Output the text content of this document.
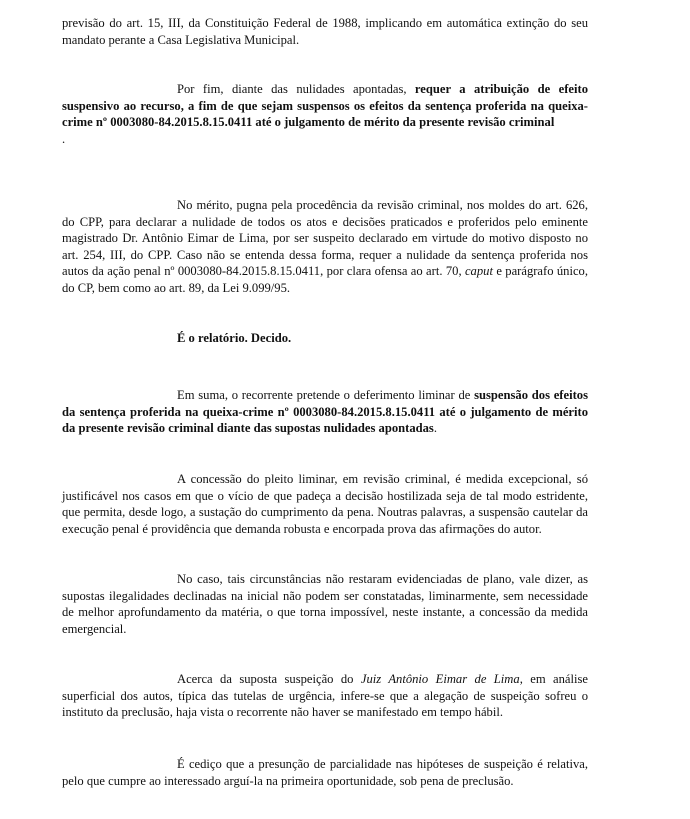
previsão do art. 15, III, da Constituição Federal de 1988, implicando em automática extinção do seu mandato perante a Casa Legislativa Municipal.

Por fim, diante das nulidades apontadas, requer a atribuição de efeito suspensivo ao recurso, a fim de que sejam suspensos os efeitos da sentença proferida na queixa-crime nº 0003080-84.2015.8.15.0411 até o julgamento de mérito da presente revisão criminal
.

No mérito, pugna pela procedência da revisão criminal, nos moldes do art. 626, do CPP, para declarar a nulidade de todos os atos e decisões praticados e proferidos pelo eminente magistrado Dr. Antônio Eimar de Lima, por ser suspeito declarado em virtude do motivo disposto no art. 254, III, do CPP. Caso não se entenda dessa forma, requer a nulidade da sentença proferida nos autos da ação penal nº 0003080-84.2015.8.15.0411, por clara ofensa ao art. 70, caput e parágrafo único, do CP, bem como ao art. 89, da Lei 9.099/95.

É o relatório. Decido.

Em suma, o recorrente pretende o deferimento liminar de suspensão dos efeitos da sentença proferida na queixa-crime nº 0003080-84.2015.8.15.0411 até o julgamento de mérito da presente revisão criminal diante das supostas nulidades apontadas.

A concessão do pleito liminar, em revisão criminal, é medida excepcional, só justificável nos casos em que o vício de que padeça a decisão hostilizada seja de tal modo estridente, que permita, desde logo, a sustação do cumprimento da pena. Noutras palavras, a suspensão cautelar da execução penal é providência que demanda robusta e encorpada prova das afirmações do autor.

No caso, tais circunstâncias não restaram evidenciadas de plano, vale dizer, as supostas ilegalidades declinadas na inicial não podem ser constatadas, liminarmente, sem necessidade de melhor aprofundamento da matéria, o que torna impossível, neste instante, a concessão da medida emergencial.

Acerca da suposta suspeição do Juiz Antônio Eimar de Lima, em análise superficial dos autos, típica das tutelas de urgência, infere-se que a alegação de suspeição sofreu o instituto da preclusão, haja vista o recorrente não haver se manifestado em tempo hábil.

É cediço que a presunção de parcialidade nas hipóteses de suspeição é relativa, pelo que cumpre ao interessado arguí-la na primeira oportunidade, sob pena de preclusão.
